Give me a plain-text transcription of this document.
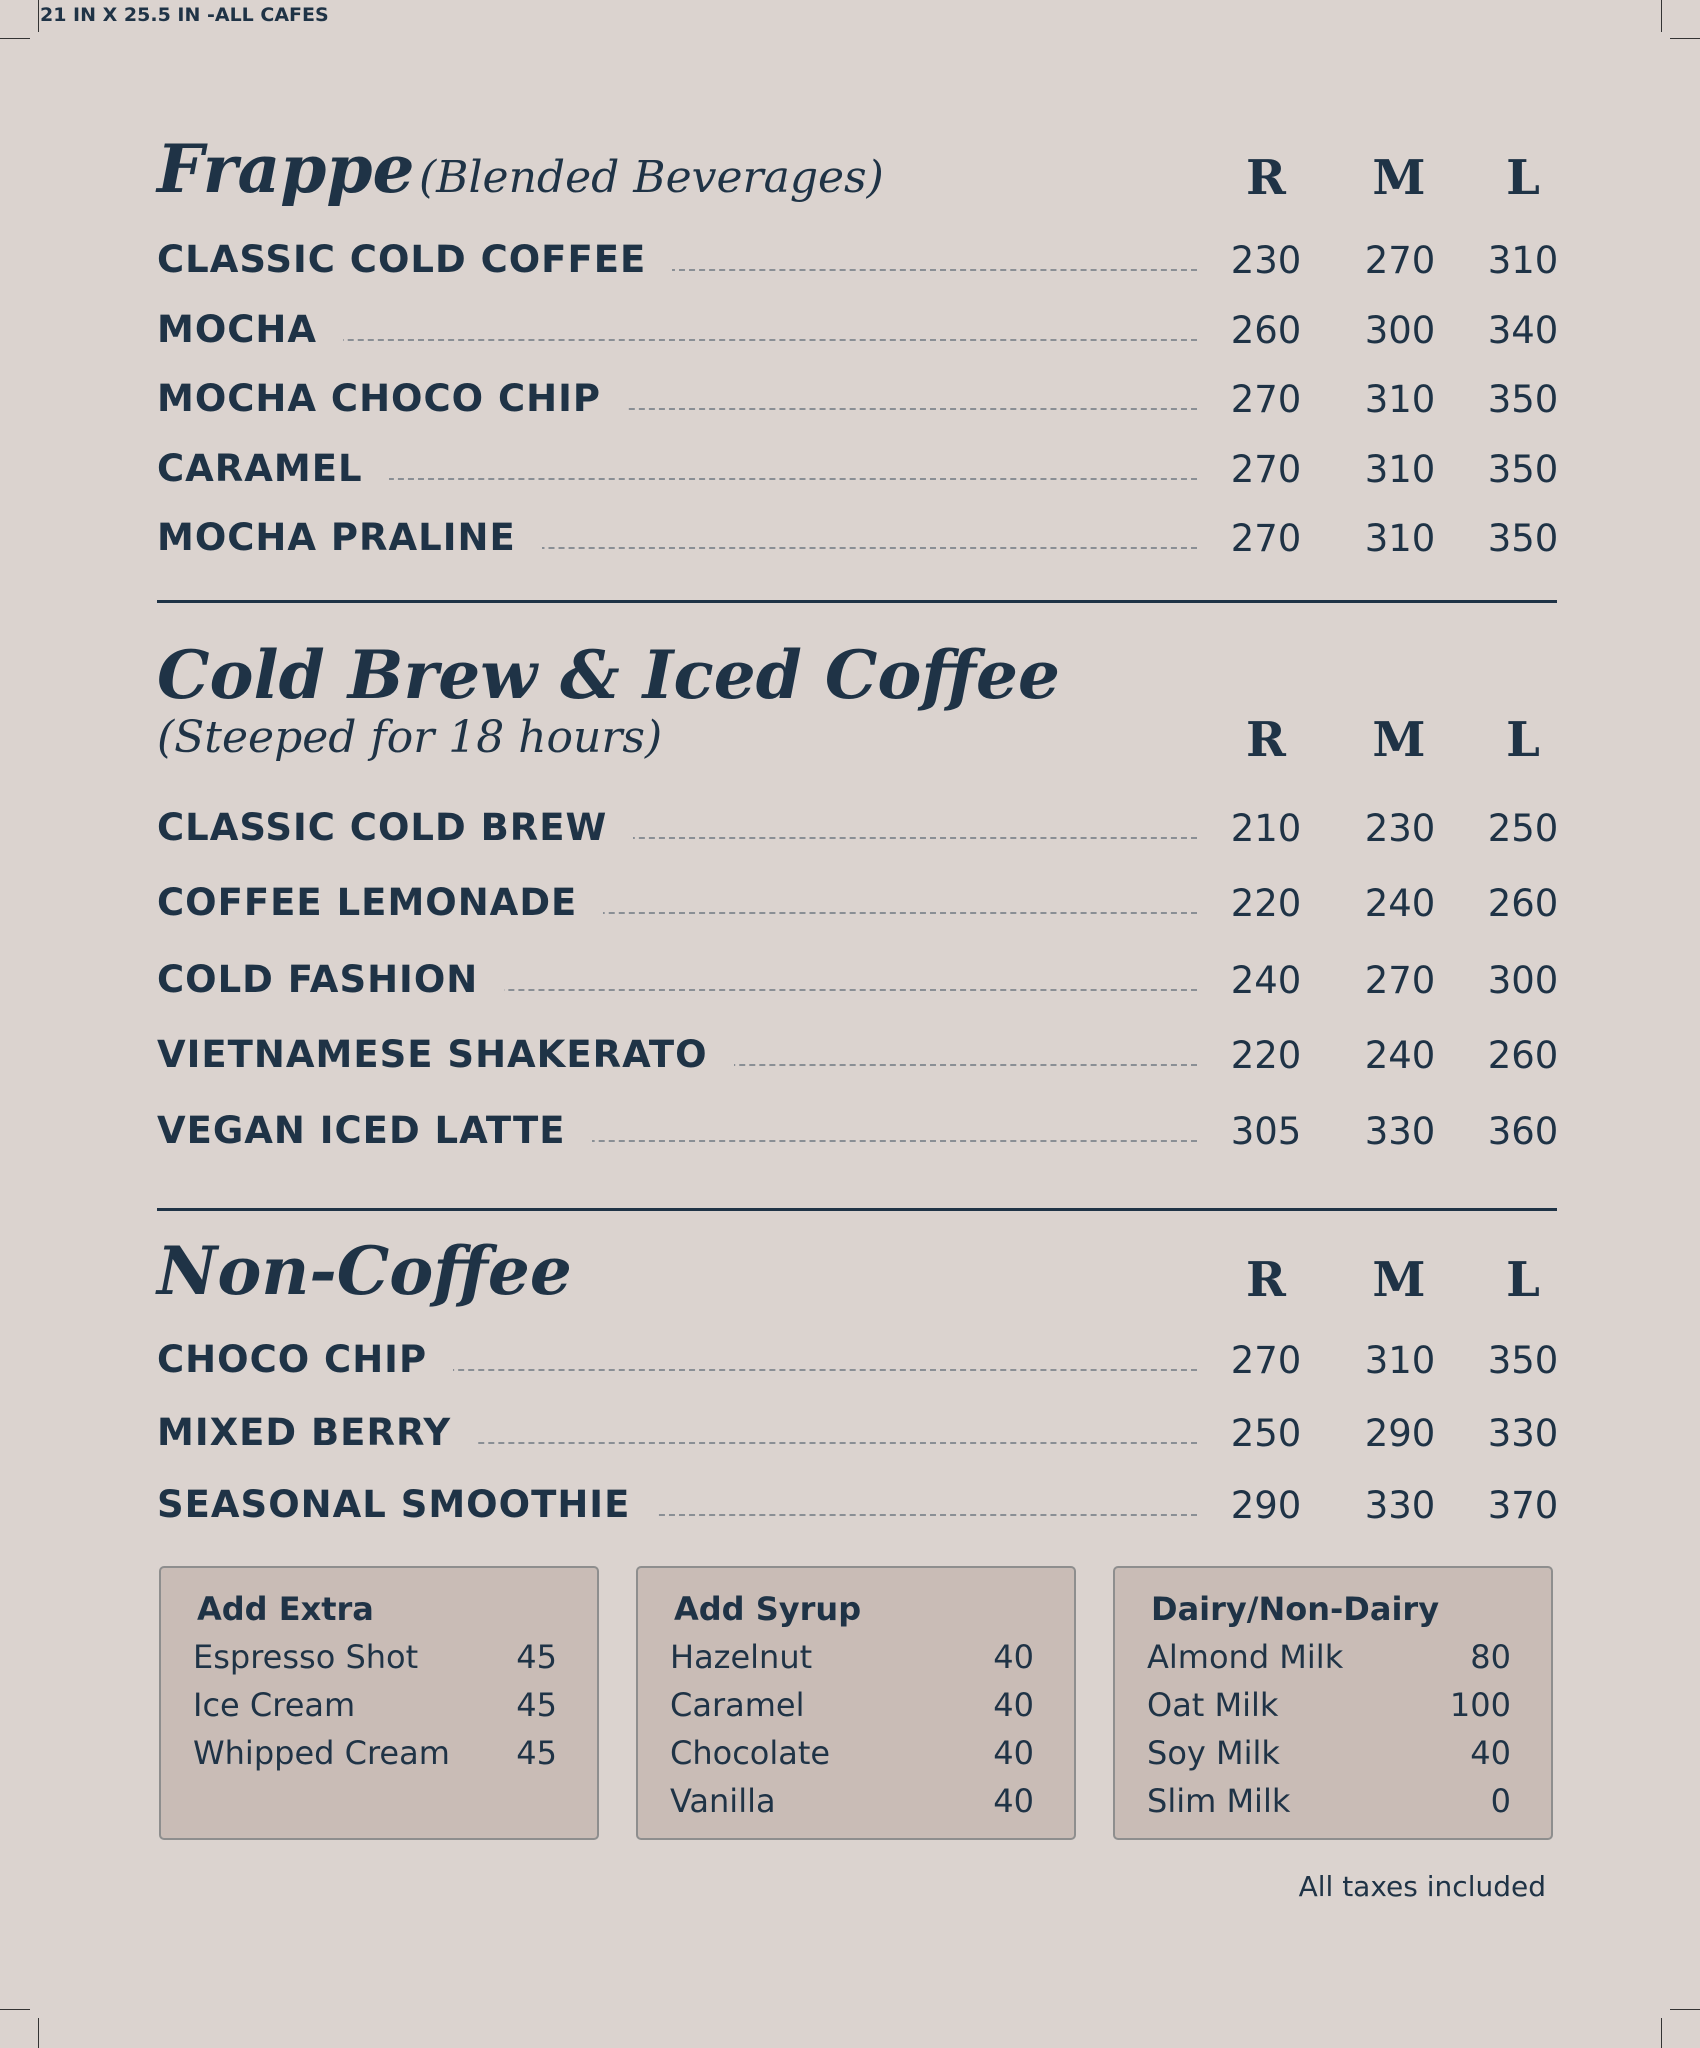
21 IN X 25.5 IN -ALL CAFES
Frappe (Blended Beverages)	R	M	L
CLASSIC COLD COFFEE	230	270	310
MOCHA	260	300	340
MOCHA CHOCO CHIP	270	310	350
CARAMEL	270	310	350
MOCHA PRALINE	270	310	350
Cold Brew & Iced Coffee
(Steeped for 18 hours)	R	M	L
CLASSIC COLD BREW	210	230	250
COFFEE LEMONADE	220	240	260
COLD FASHION	240	270	300
VIETNAMESE SHAKERATO	220	240	260
VEGAN ICED LATTE	305	330	360
Non-Coffee	R	M	L
CHOCO CHIP	270	310	350
MIXED BERRY	250	290	330
SEASONAL SMOOTHIE	290	330	370
Add Extra
Espresso Shot	45
Ice Cream	45
Whipped Cream 45
Add Syrup
Hazelnut	40
Caramel	40
Chocolate	40
Vanilla	40
Dairy/Non-Dairy
Almond Milk	80
Oat Milk	100
Soy Milk	40
Slim Milk	0
All taxes included
